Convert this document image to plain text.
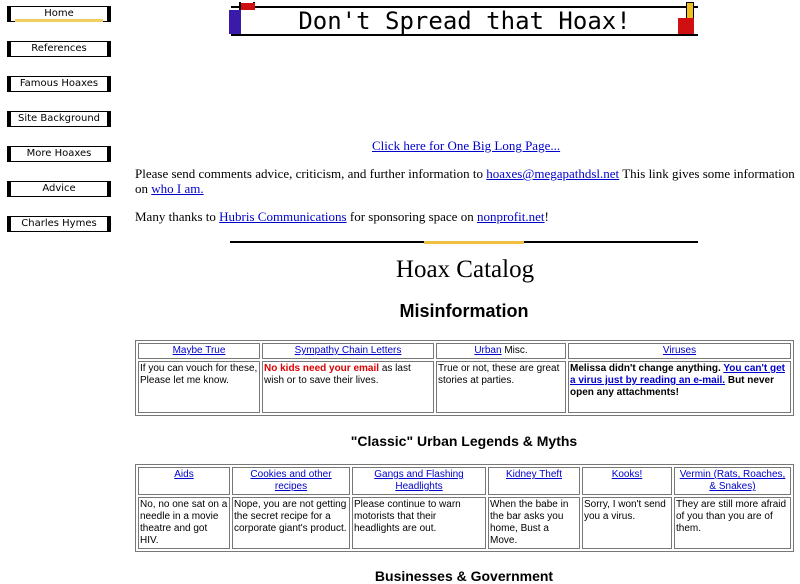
Home
References
Famous Hoaxes
Site Background
More Hoaxes
Advice
Charles Hymes
Don't Spread that Hoax!
Click here for One Big Long Page...
Please send comments advice, criticism, and further information to hoaxes@megapathdsl.net This link gives some information on who I am.
Many thanks to Hubris Communications for sponsoring space on nonprofit.net!
Hoax Catalog
Misinformation
Maybe True	Sympathy Chain Letters	Urban Misc.	Viruses
If you can vouch for these, Please let me know.	No kids need your email as last wish or to save their lives.	True or not, these are great stories at parties.	Melissa didn't change anything. You can't get a virus just by reading an e-mail. But never open any attachments!
"Classic" Urban Legends & Myths
Aids	Cookies and other recipes	Gangs and Flashing Headlights	Kidney Theft	Kooks!	Vermin (Rats, Roaches, & Snakes)
No, no one sat on a needle in a movie theatre and got HIV.	Nope, you are not getting the secret recipe for a corporate giant's product.	Please continue to warn motorists that their headlights are out.	When the babe in the bar asks you home, Bust a Move.	Sorry, I won't send you a virus.	They are still more afraid of you than you are of them.
Businesses & Government
